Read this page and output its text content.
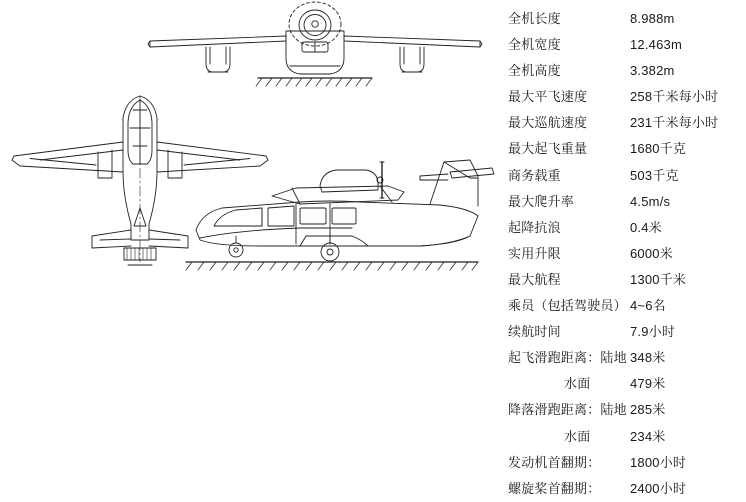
全机长度	8.988m
全机宽度	12.463m
全机高度	3.382m
最大平飞速度	258千米每小时
最大巡航速度	231千米每小时
最大起飞重量	1680千克
商务载重	503千克
最大爬升率	4.5m/s
起降抗浪	0.4米
实用升限	6000米
最大航程	1300千米
乘员（包括驾驶员） 4~6名
续航时间	7.9小时
起飞滑跑距离：陆地 348米
水面	479米
降落滑跑距离：陆地 285米
水面	234米
发动机首翻期：	1800小时
螺旋桨首翻期：	2400小时
